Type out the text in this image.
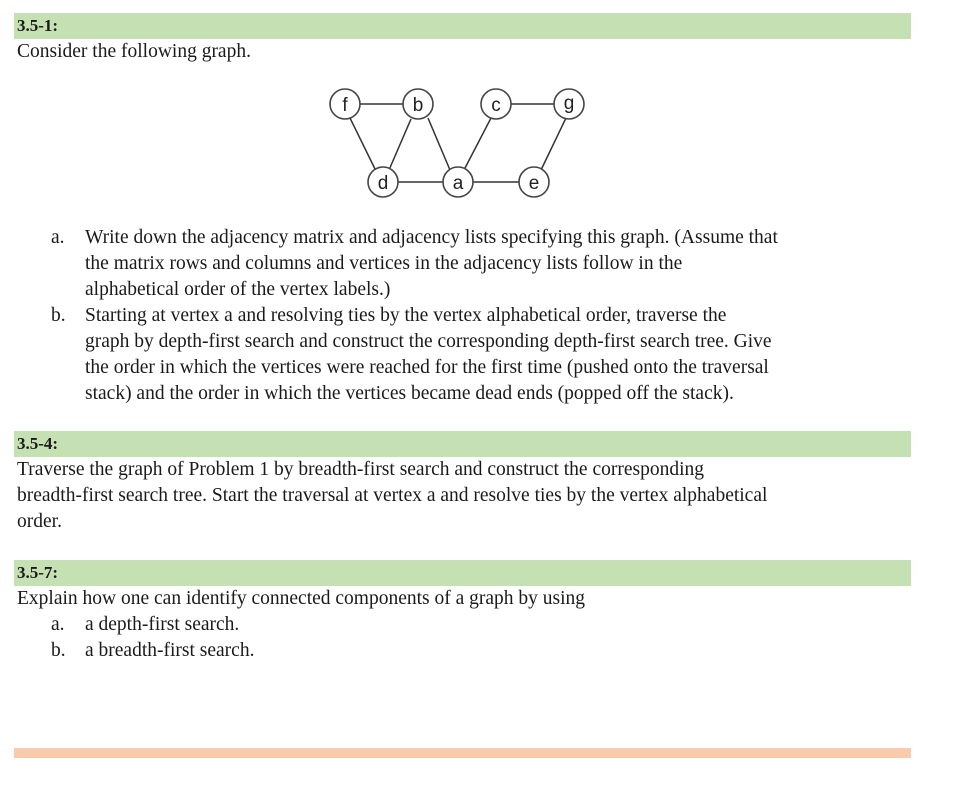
3.5-1:
Consider the following graph.
f	b	c	g
d	a	e
a. Write down the adjacency matrix and adjacency lists specifying this graph. (Assume that
the matrix rows and columns and vertices in the adjacency lists follow in the
alphabetical order of the vertex labels.)
b. Starting at vertex a and resolving ties by the vertex alphabetical order, traverse the
graph by depth-first search and construct the corresponding depth-first search tree. Give
the order in which the vertices were reached for the first time (pushed onto the traversal
stack) and the order in which the vertices became dead ends (popped off the stack).
3.5-4:
Traverse the graph of Problem 1 by breadth-first search and construct the corresponding
breadth-first search tree. Start the traversal at vertex a and resolve ties by the vertex alphabetical
order.
3.5-7:
Explain how one can identify connected components of a graph by using
a. a depth-first search.
b. a breadth-first search.
